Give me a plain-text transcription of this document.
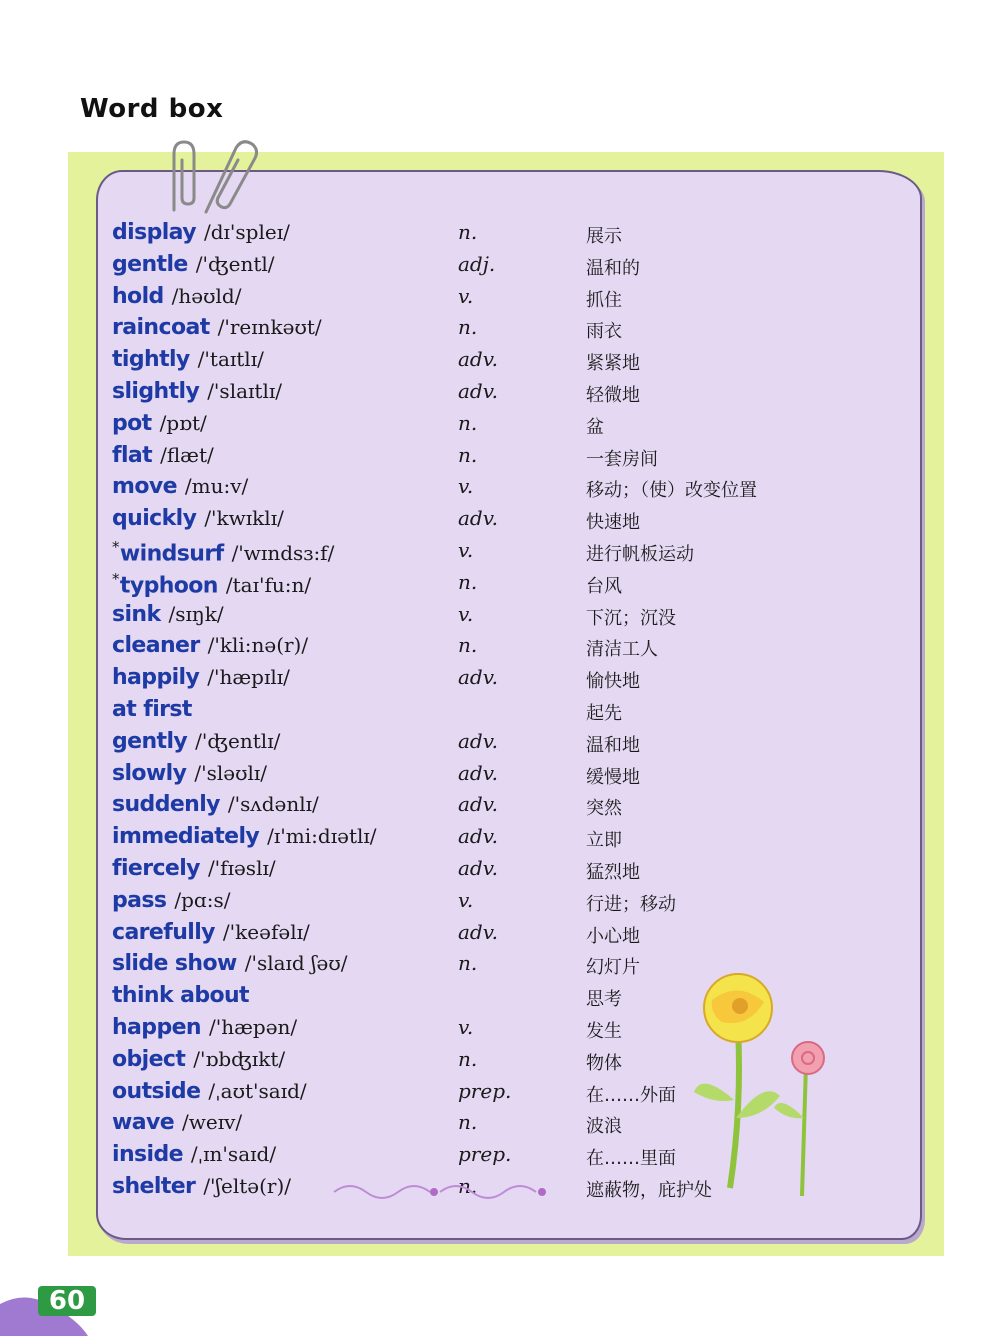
Word box
display /dɪ'spleɪ/	n.	展示
gentle /'ʤentl/	adj.	温和的
hold /həʊld/	v.	抓住
raincoat /'reɪnkəʊt/	n.	雨衣
tightly /'taɪtlɪ/	adv.	紧紧地
slightly /'slaɪtlɪ/	adv.	轻微地
pot /pɒt/	n.	盆
flat /flæt/	n.	一套房间
move /mu:v/	v.	移动；（使）改变位置
quickly /'kwɪklɪ/	adv.	快速地
*windsurf /'wɪndsɜ:f/	v.	进行帆板运动
*typhoon /taɪ'fu:n/	n.	台风
sink /sɪŋk/	v.	下沉；沉没
cleaner /'kli:nə(r)/	n.	清洁工人
happily /'hæpɪlɪ/	adv.	愉快地
at first	起先
gently /'ʤentlɪ/	adv.	温和地
slowly /'sləʊlɪ/	adv.	缓慢地
suddenly /'sʌdənlɪ/	adv.	突然
immediately /ɪ'mi:dɪətlɪ/	adv.	立即
fiercely /'fɪəslɪ/	adv.	猛烈地
pass /pɑ:s/	v.	行进；移动
carefully /'keəfəlɪ/	adv.	小心地
slide show /'slaɪd ʃəʊ/	n.	幻灯片
think about	思考
happen /'hæpən/	v.	发生
object /'ɒbʤɪkt/	n.	物体
outside /ˌaʊt'saɪd/	prep.	在……外面
wave /weɪv/	n.	波浪
inside /ˌɪn'saɪd/	prep.	在……里面
shelter /'ʃeltə(r)/	n.	遮蔽物，庇护处
60
